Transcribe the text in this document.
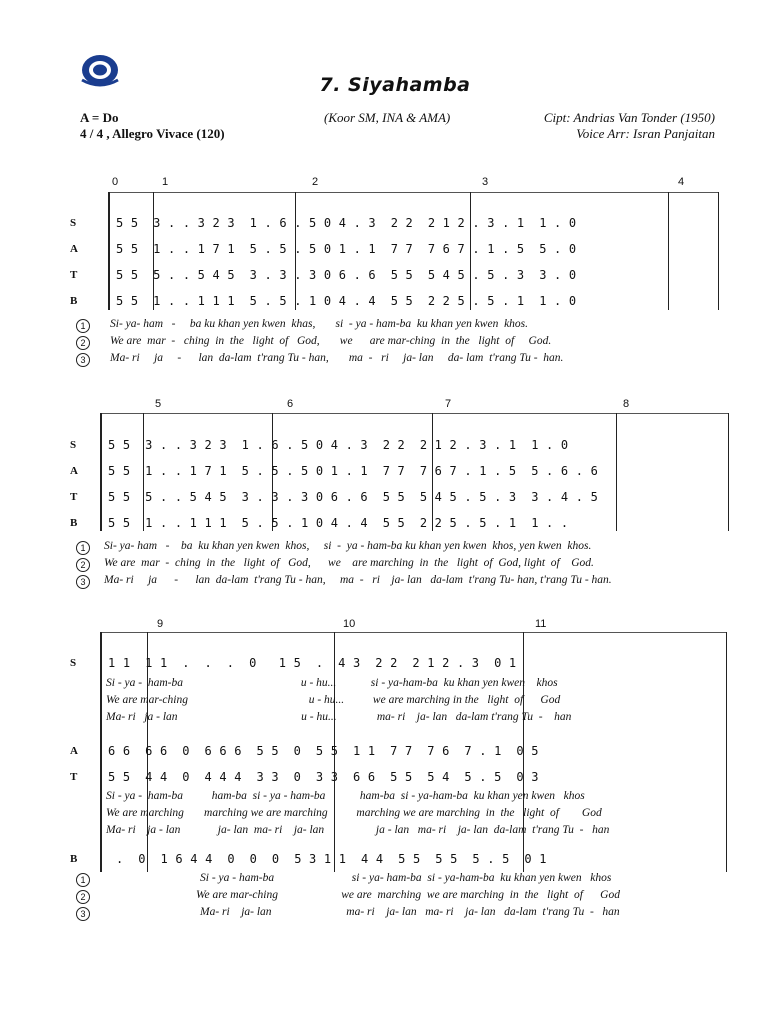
7. Siyahamba
A = Do
4 / 4 , Allegro Vivace (120)
(Koor SM, INA & AMA)	Cipt: Andrias Van Tonder (1950)
Voice Arr: Isran Panjaitan
0	1	2	3	4
S
A
T
B
5 5  3 . . 3 2 3  1 . 6 . 5 0 4 . 3  2 2  2 1 2 . 3 . 1  1 . 0
5 5  1 . . 1 7 1  5 . 5 . 5 0 1 . 1  7 7  7 6 7 . 1 . 5  5 . 0
5 5  5 . . 5 4 5  3 . 3 . 3 0 6 . 6  5 5  5 4 5 . 5 . 3  3 . 0
5 5  1 . . 1 1 1  5 . 5 . 1 0 4 . 4  5 5  2 2 5 . 5 . 1  1 . 0
1
2
3
Si- ya- ham   -     ba ku khan yen kwen  khas,       si  - ya - ham-ba  ku khan yen kwen  khos.
We are  mar  -   ching  in  the   light  of   God,       we      are mar-ching  in  the   light  of     God.
Ma- ri     ja     -      lan  da-lam  t'rang Tu - han,       ma  -   ri     ja- lan     da- lam  t'rang Tu -  han.
5	6	7	8
S
A
T
B
5 5  3 . . 3 2 3  1 . 6 . 5 0 4 . 3  2 2  2 1 2 . 3 . 1  1 . 0
5 5  1 . . 1 7 1  5 . 5 . 5 0 1 . 1  7 7  7 6 7 . 1 . 5  5 . 6 . 6
5 5  5 . . 5 4 5  3 . 3 . 3 0 6 . 6  5 5  5 4 5 . 5 . 3  3 . 4 . 5
5 5  1 . . 1 1 1  5 . 5 . 1 0 4 . 4  5 5  2 2 5 . 5 . 1  1 . .
1
2
3
Si- ya- ham   -    ba  ku khan yen kwen  khos,     si  -  ya - ham-ba ku khan yen kwen  khos, yen kwen  khos.
We are  mar  -  ching  in  the   light  of   God,      we    are marching  in  the   light  of  God, light  of    God.
Ma- ri     ja      -      lan  da-lam  t'rang Tu - han,     ma  -   ri    ja- lan   da-lam  t'rang Tu- han, t'rang Tu - han.
9	10	11
S	1 1  1 1  .  .  .  0   1 5  .  4 3  2 2  2 1 2 . 3  0 1
Si - ya -  ham-ba                                         u - hu...            si - ya-ham-ba  ku khan yen kwen    khos
We are mar-ching                                          u - hu...          we are marching in the   light  of      God
Ma- ri   ja - lan                                           u - hu...              ma- ri    ja- lan   da-lam t'rang Tu  -    han
A
T
6 6  6 6  0  6 6 6  5 5  0  5 5  1 1  7 7  7 6  7 . 1  0 5
5 5  4 4  0  4 4 4  3 3  0  3 3  6 6  5 5  5 4  5 . 5  0 3
Si - ya -  ham-ba          ham-ba  si - ya - ham-ba            ham-ba  si - ya-ham-ba  ku khan yen kwen   khos
We are marching       marching we are marching          marching we are marching  in  the   light  of        God
Ma- ri    ja - lan             ja- lan  ma- ri    ja- lan                  ja - lan   ma- ri    ja- lan  da-lam  t'rang Tu  -   han
B	.  0  1 6 4 4  0  0  0  5 3 1 1  4 4  5 5  5 5  5 . 5  0 1
1
2
3
Si - ya - ham-ba                           si - ya- ham-ba  si - ya-ham-ba  ku khan yen kwen   khos
We are mar-ching                      we are  marching  we are marching  in  the   light  of      God
Ma- ri    ja- lan                          ma- ri    ja- lan   ma- ri    ja- lan   da-lam  t'rang Tu  -   han
